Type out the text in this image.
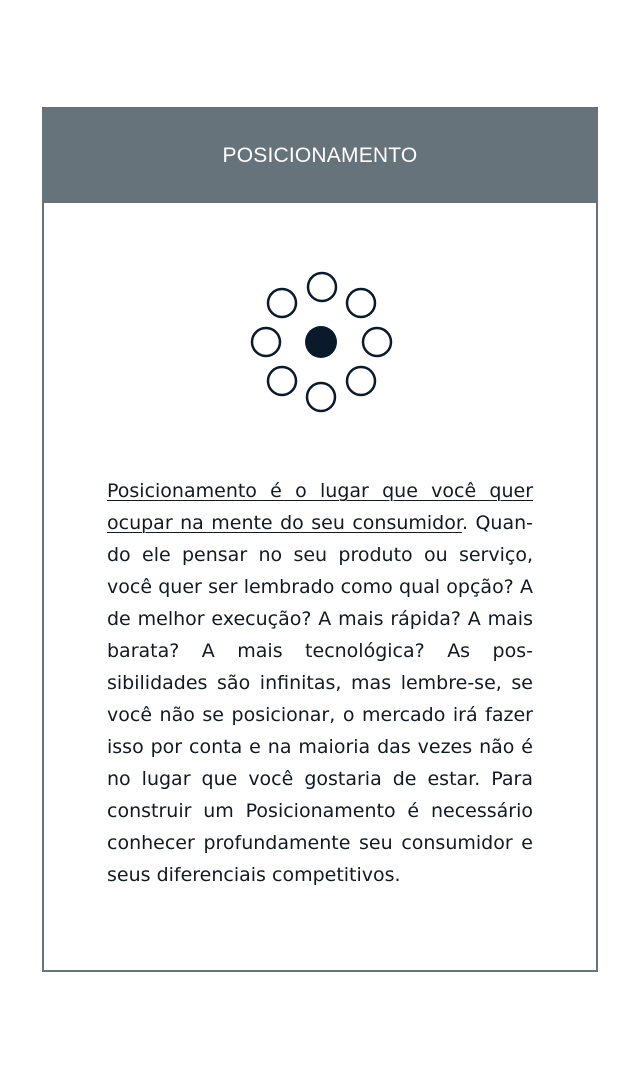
POSICIONAMENTO

Posicionamento é o lugar que você quer ocupar na mente do seu consumidor. Quando ele pensar no seu produto ou serviço, você quer ser lembrado como qual opção? A de melhor execução? A mais rápida? A mais barata? A mais tecnológica? As possibilidades são infinitas, mas lembre-se, se você não se posicionar, o mercado irá fazer isso por conta e na maioria das vezes não é no lugar que você gostaria de estar. Para construir um Posicionamento é necessário conhecer profundamente seu consumidor e seus diferenciais competitivos.
